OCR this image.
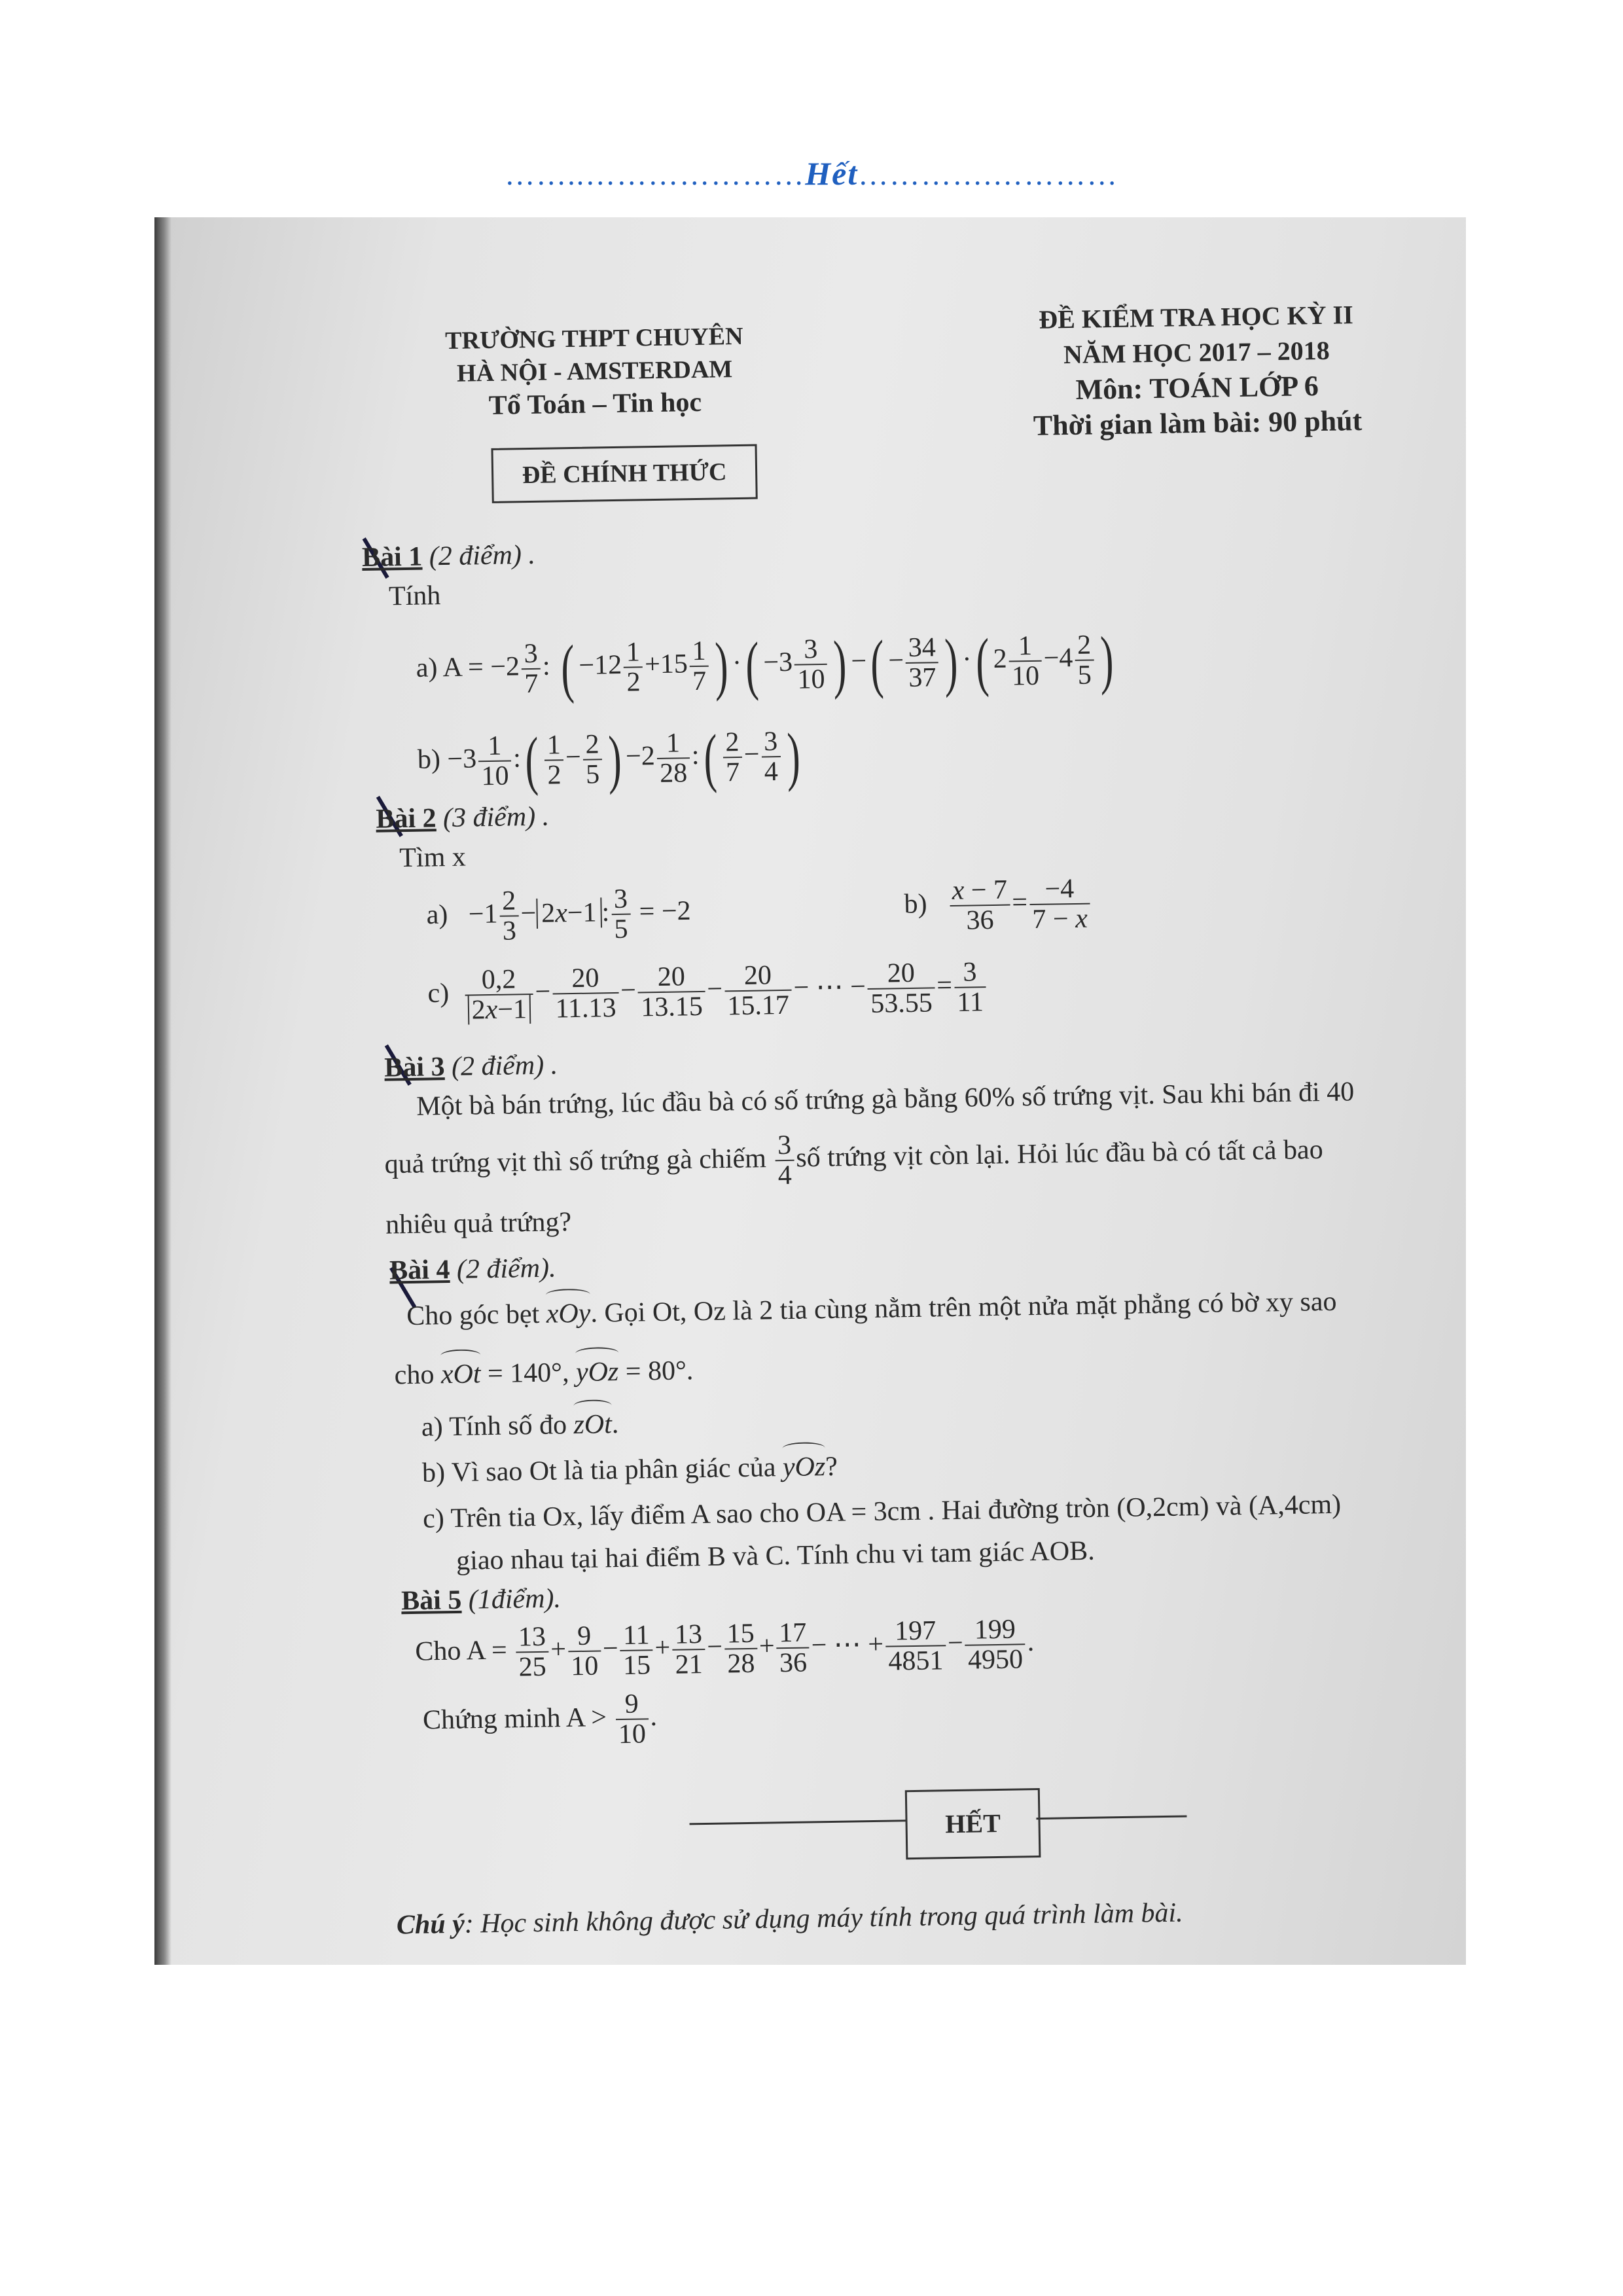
……..…………………Hết………….…………
TRƯỜNG THPT CHUYÊN
HÀ NỘI - AMSTERDAM
Tổ Toán – Tin học
ĐỀ KIỂM TRA HỌC KỲ II
NĂM HỌC 2017 – 2018
Môn: TOÁN LỚP 6
Thời gian làm bài: 90 phút
ĐỀ CHÍNH THỨC
Bài 1 (2 điểm) .
Tính
a) $A = -2 \frac{3}{7}$ : ( $-12 \frac{1}{2} +15 \frac{1}{7}$ ) ·( $-3 \frac{3}{10}$ ) −( − $\frac{34}{37}$ ) ·( $2 \frac{1}{10} -4 \frac{2}{5}$ )
$b) -3 \frac{1}{10}$ :( $\frac{1}{2} - \frac{2}{5}$ ) $-2 \frac{1}{28}$ :( $\frac{2}{7} - \frac{3}{4}$ )
Bài 2 (3 điểm) .
Tìm x
$a) -1 \frac{2}{3} - 2x-1$ : $\frac{3}{5} = -2$	$b) \frac{x - 7}{36} = \frac{-4}{7 - x}$
$c) \frac{0,2}{2x-1} - \frac{20}{11.13} - \frac{20}{13.15} - \frac{20}{15.17}$ − ⋯ − $\frac{20}{53.55} = \frac{3}{11}$
Bài 3 (2 điểm) .
Một bà bán trứng, lúc đầu bà có số trứng gà bằng 60% số trứng vịt. Sau khi bán đi 40
quả trứng vịt thì số trứng gà chiếm $\frac{3}{4}$ số trứng vịt còn lại. Hỏi lúc đầu bà có tất cả bao
nhiêu quả trứng?
Bài 4 (2 điểm).
Cho góc bẹt xOy. Gọi Ot, Oz là 2 tia cùng nằm trên một nửa mặt phẳng có bờ xy sao
cho xOt = 140°, yOz = 80°.
a) Tính số đo zOt.
b) Vì sao Ot là tia phân giác của yOz?
c) Trên tia Ox, lấy điểm A sao cho OA = 3cm . Hai đường tròn (O,2cm) và (A,4cm)
giao nhau tại hai điểm B và C. Tính chu vi tam giác AOB.
Bài 5 (1điểm).
Cho $A = \frac{13}{25} + \frac{9}{10} - \frac{11}{15} + \frac{13}{21} - \frac{15}{28} + \frac{17}{36}$ − ⋯ + $\frac{197}{4851} - \frac{199}{4950}$ .
Chứng minh $A > \frac{9}{10}$ .
HẾT
Chú ý: Học sinh không được sử dụng máy tính trong quá trình làm bài.
